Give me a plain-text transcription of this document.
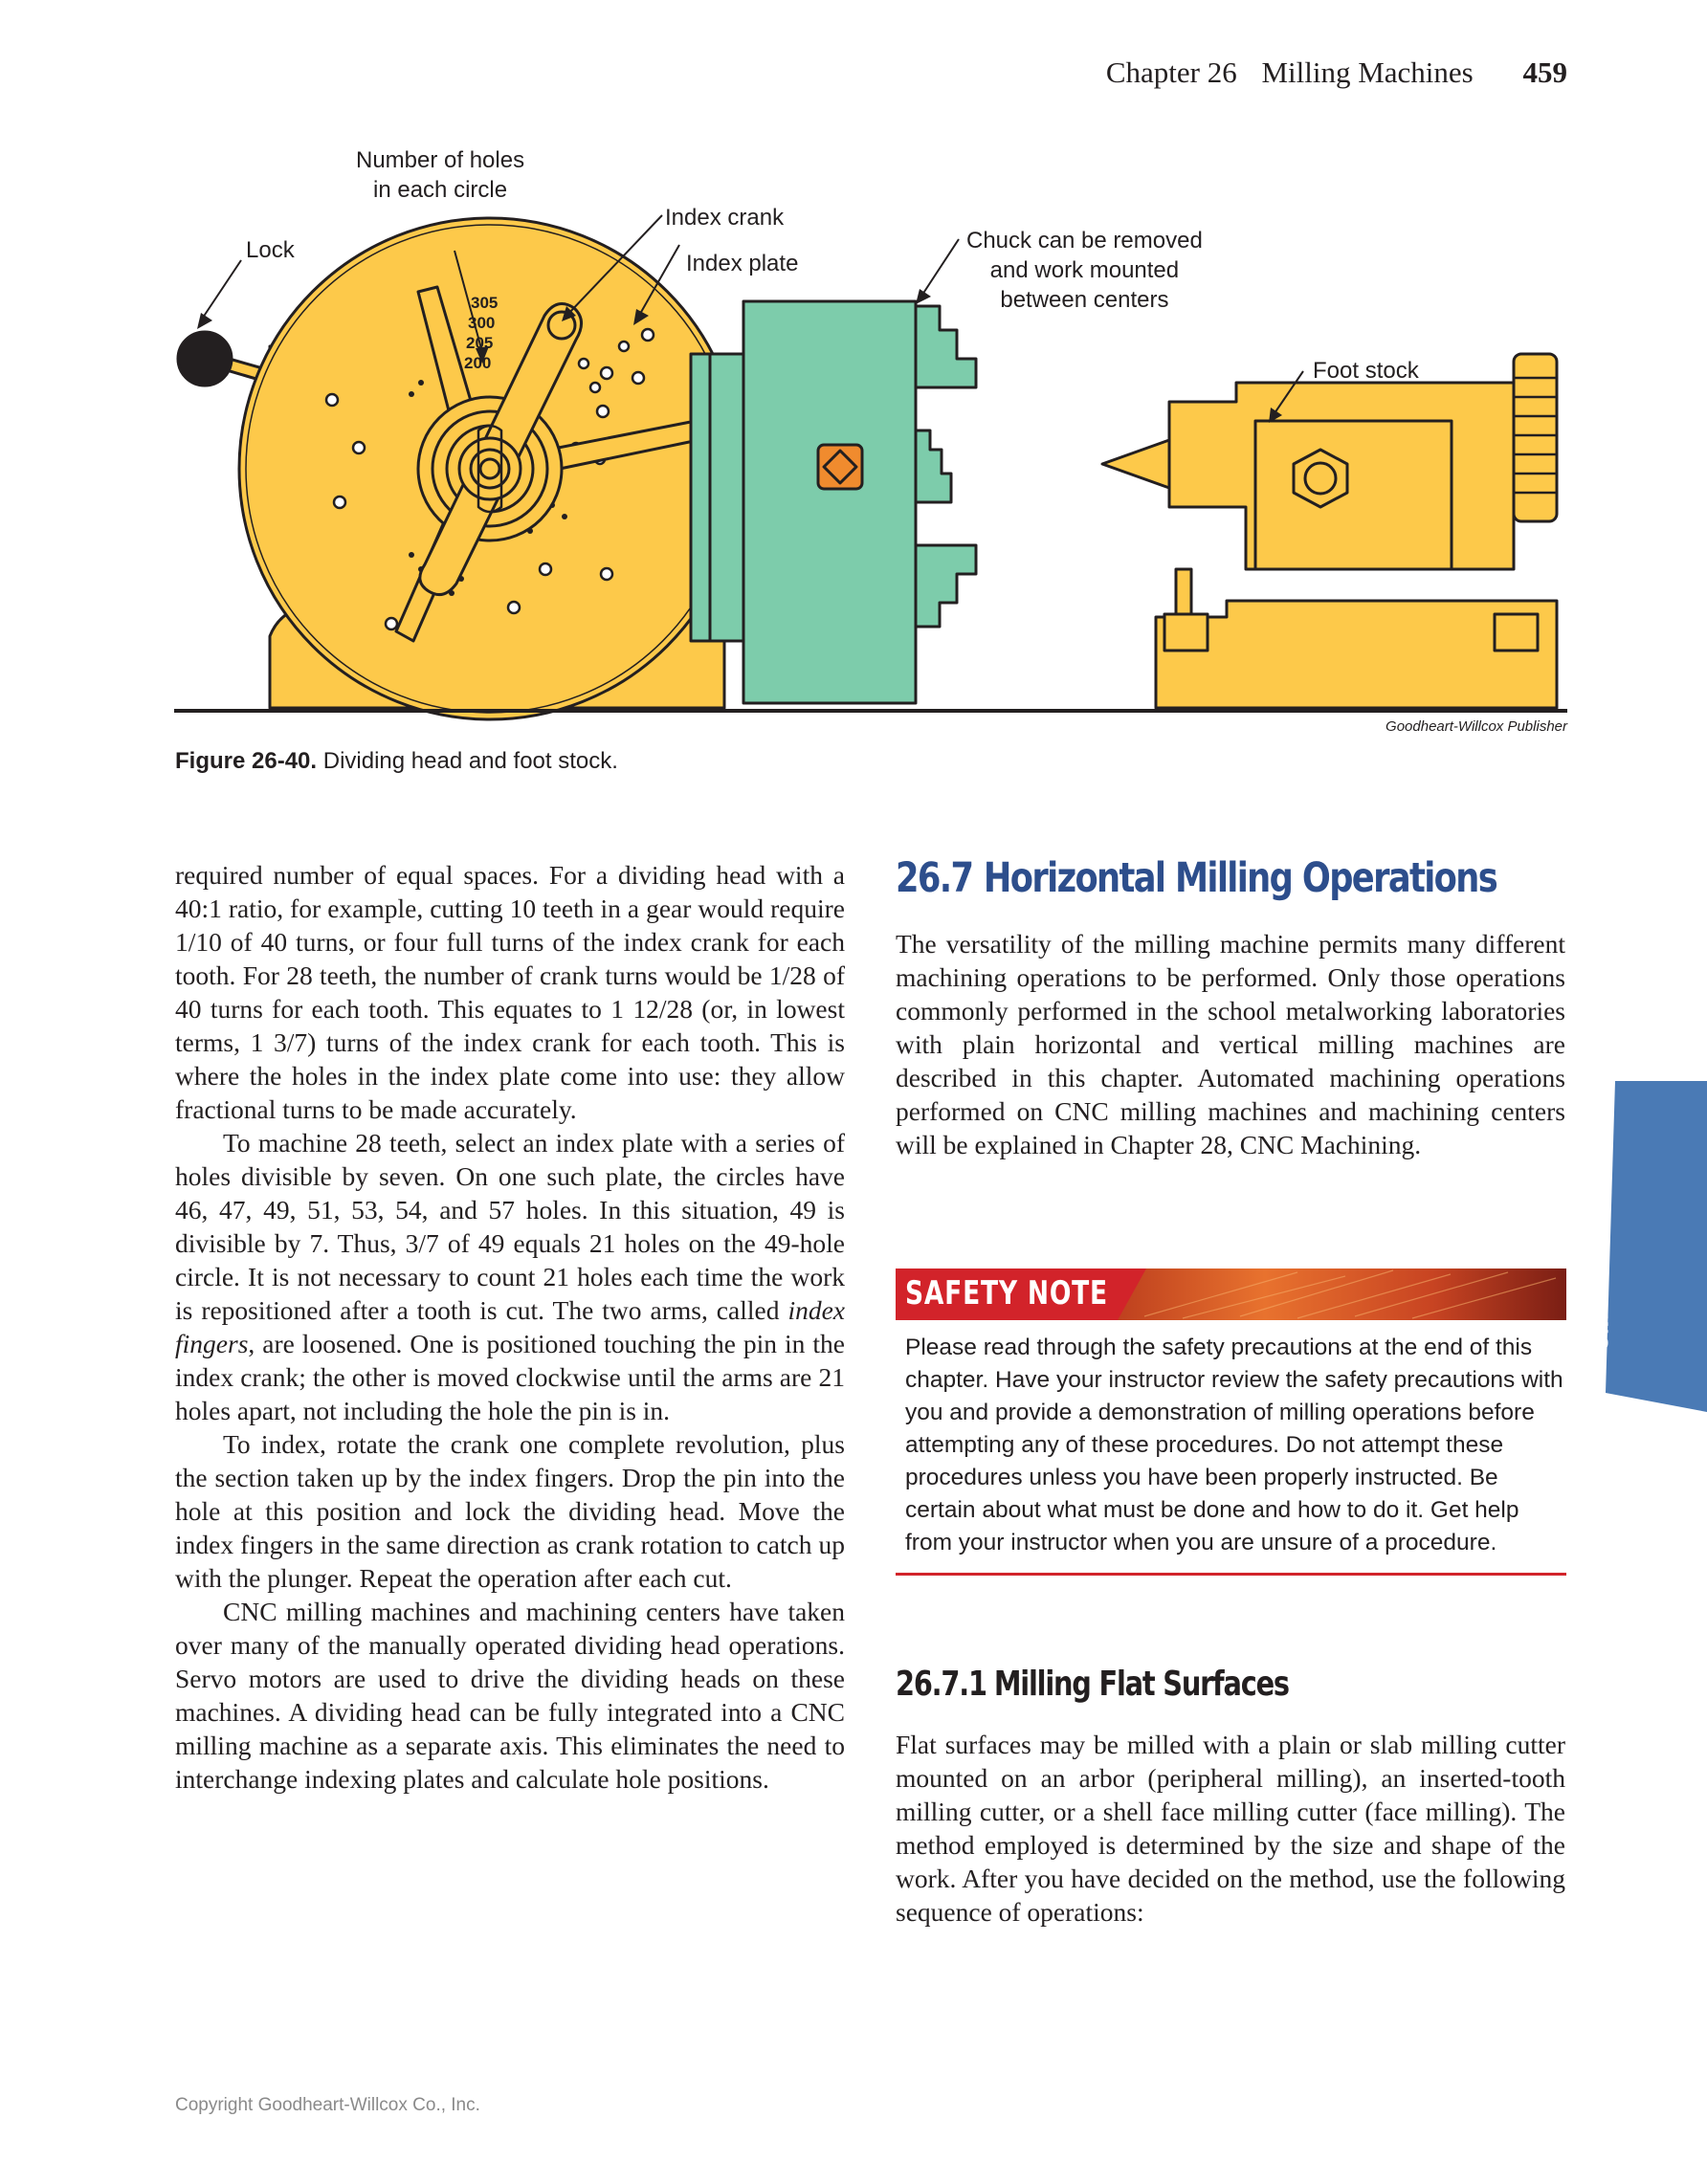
Chapter 26 Milling Machines 459
305
300
205
200
Number of holes
in each circle
Lock
Index crank
Index plate
Chuck can be removed
and work mounted
between centers
Foot stock
Goodheart-Willcox Publisher
Figure 26-40. Dividing head and foot stock.

required number of equal spaces. For a dividing head with a 40:1 ratio, for example, cutting 10 teeth in a gear would require 1/10 of 40 turns, or four full turns of the index crank for each tooth. For 28 teeth, the number of crank turns would be 1/28 of 40 turns for each tooth. This equates to 1 12/28 (or, in lowest terms, 1 3/7) turns of the index crank for each tooth. This is where the holes in the index plate come into use: they allow fractional turns to be made accurately.

To machine 28 teeth, select an index plate with a series of holes divisible by seven. On one such plate, the circles have 46, 47, 49, 51, 53, 54, and 57 holes. In this situation, 49 is divisible by 7. Thus, 3/7 of 49 equals 21 holes on the 49-hole circle. It is not necessary to count 21 holes each time the work is repositioned after a tooth is cut. The two arms, called index fingers, are loosened. One is positioned touching the pin in the index crank; the other is moved clockwise until the arms are 21 holes apart, not including the hole the pin is in.

To index, rotate the crank one complete revolution, plus the section taken up by the index fingers. Drop the pin into the hole at this position and lock the dividing head. Move the index fingers in the same direction as crank rotation to catch up with the plunger. Repeat the operation after each cut.

CNC milling machines and machining centers have taken over many of the manually operated dividing head operations. Servo motors are used to drive the dividing heads on these machines. A dividing head can be fully integrated into a CNC milling machine as a separate axis. This eliminates the need to interchange indexing plates and calculate hole positions.

26.7 Horizontal Milling Operations

The versatility of the milling machine permits many different machining operations to be performed. Only those operations commonly performed in the school metalworking laboratories with plain horizontal and vertical milling machines are described in this chapter. Automated machining operations performed on CNC milling machines and machining centers will be explained in Chapter 28, CNC Machining.

SAFETY NOTE
Please read through the safety precautions at the end of this chapter. Have your instructor review the safety precautions with you and provide a demonstration of milling operations before attempting any of these procedures. Do not attempt these procedures unless you have been properly instructed. Be certain about what must be done and how to do it. Get help from your instructor when you are unsure of a procedure.
26.7.1 Milling Flat Surfaces

Flat surfaces may be milled with a plain or slab milling cutter mounted on an arbor (peripheral milling), an inserted-tooth milling cutter, or a shell face milling cutter (face milling). The method employed is determined by the size and shape of the work. After you have decided on the method, use the following sequence of operations:

MACHINING
Copyright Goodheart-Willcox Co., Inc.
